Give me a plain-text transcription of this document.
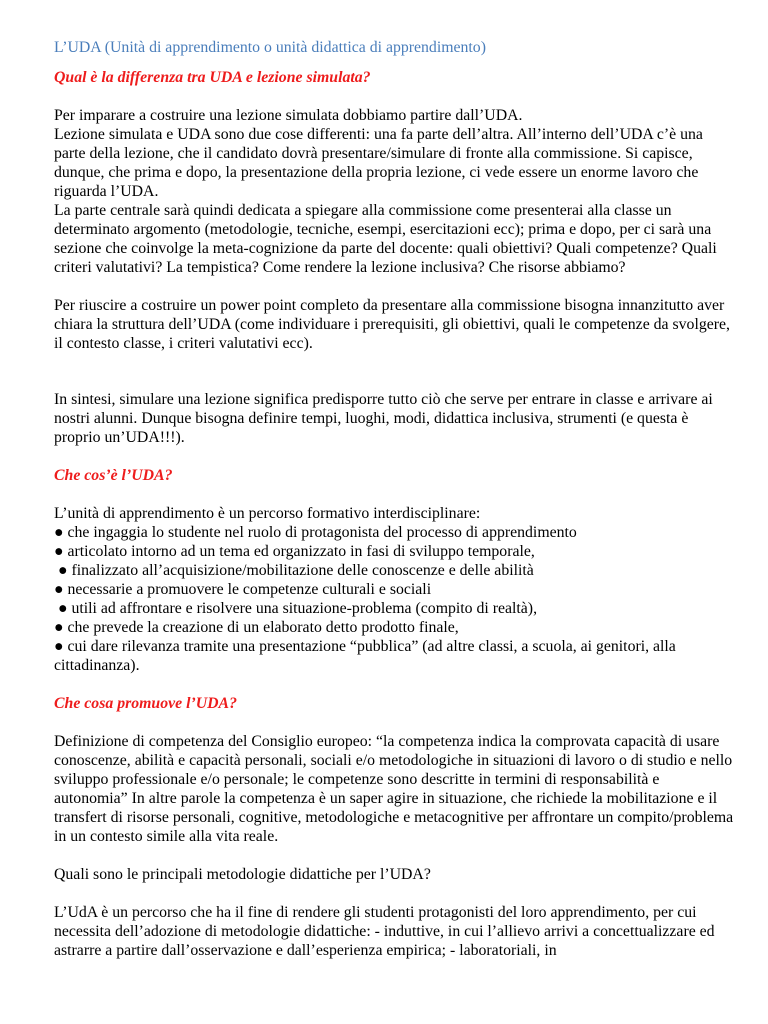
L’UDA (Unità di apprendimento o unità didattica di apprendimento)
Qual è la differenza tra UDA e lezione simulata?

Per imparare a costruire una lezione simulata dobbiamo partire dall’UDA.

Lezione simulata e UDA sono due cose differenti: una fa parte dell’altra. All’interno dell’UDA c’è una parte della lezione, che il candidato dovrà presentare/simulare di fronte alla commissione. Si capisce, dunque, che prima e dopo, la presentazione della propria lezione, ci vede essere un enorme lavoro che riguarda l’UDA.

La parte centrale sarà quindi dedicata a spiegare alla commissione come presenterai alla classe un determinato argomento (metodologie, tecniche, esempi, esercitazioni ecc); prima e dopo, per ci sarà una sezione che coinvolge la meta-cognizione da parte del docente: quali obiettivi? Quali competenze? Quali criteri valutativi? La tempistica? Come rendere la lezione inclusiva? Che risorse abbiamo?

Per riuscire a costruire un power point completo da presentare alla commissione bisogna innanzitutto aver chiara la struttura dell’UDA (come individuare i prerequisiti, gli obiettivi, quali le competenze da svolgere, il contesto classe, i criteri valutativi ecc).

In sintesi, simulare una lezione significa predisporre tutto ciò che serve per entrare in classe e arrivare ai nostri alunni. Dunque bisogna definire tempi, luoghi, modi, didattica inclusiva, strumenti (e questa è proprio un’UDA!!!).

Che cos’è l’UDA?

L’unità di apprendimento è un percorso formativo interdisciplinare:

● che ingaggia lo studente nel ruolo di protagonista del processo di apprendimento
● articolato intorno ad un tema ed organizzato in fasi di sviluppo temporale,
● finalizzato all’acquisizione/mobilitazione delle conoscenze e delle abilità
● necessarie a promuovere le competenze culturali e sociali
● utili ad affrontare e risolvere una situazione-problema (compito di realtà),
● che prevede la creazione di un elaborato detto prodotto finale,
● cui dare rilevanza tramite una presentazione “pubblica” (ad altre classi, a scuola, ai genitori, alla cittadinanza).
Che cosa promuove l’UDA?

Definizione di competenza del Consiglio europeo: “la competenza indica la comprovata capacità di usare conoscenze, abilità e capacità personali, sociali e/o metodologiche in situazioni di lavoro o di studio e nello sviluppo professionale e/o personale; le competenze sono descritte in termini di responsabilità e autonomia” In altre parole la competenza è un saper agire in situazione, che richiede la mobilitazione e il transfert di risorse personali, cognitive, metodologiche e metacognitive per affrontare un compito/problema in un contesto simile alla vita reale.

Quali sono le principali metodologie didattiche per l’UDA?

L’UdA è un percorso che ha il fine di rendere gli studenti protagonisti del loro apprendimento, per cui necessita dell’adozione di metodologie didattiche: - induttive, in cui l’allievo arrivi a concettualizzare ed astrarre a partire dall’osservazione e dall’esperienza empirica; - laboratoriali, in
